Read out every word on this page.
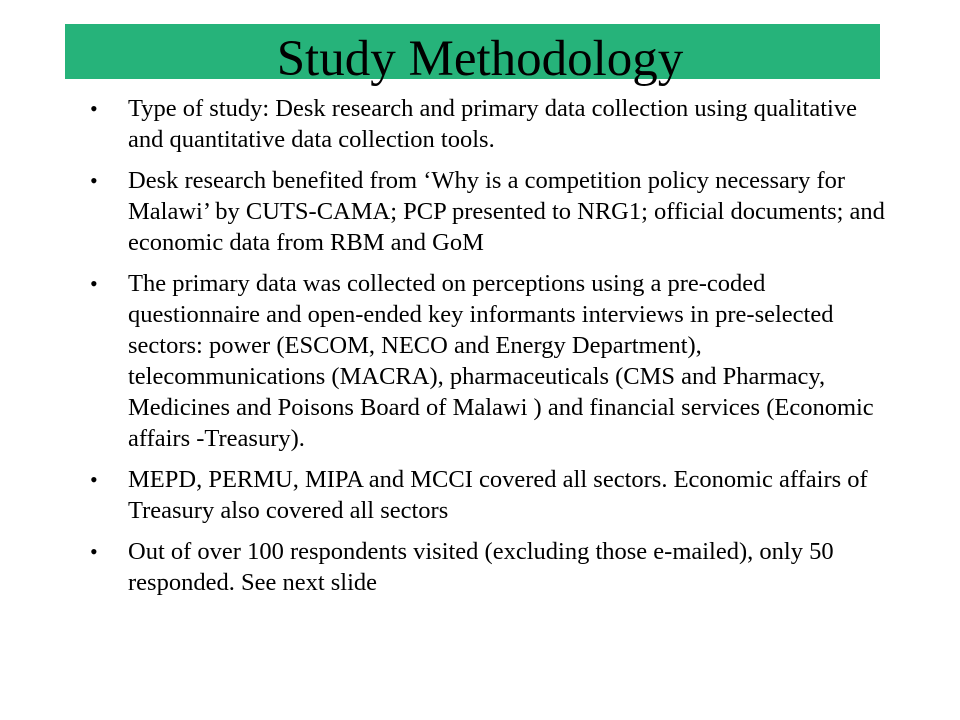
Study Methodology
•	Type of study: Desk research and primary data collection using qualitative and quantitative data collection tools.
•	Desk research benefited from ‘Why is a competition policy necessary for Malawi’ by CUTS-CAMA; PCP presented to NRG1; official documents; and economic data from RBM and GoM
•	The primary data was collected on perceptions using a pre-coded questionnaire and open-ended key informants interviews in pre-selected sectors: power (ESCOM, NECO and Energy Department), telecommunications (MACRA), pharmaceuticals (CMS and Pharmacy, Medicines and Poisons Board of Malawi ) and financial services (Economic affairs -Treasury).
•	MEPD, PERMU, MIPA and MCCI covered all sectors. Economic affairs of Treasury also covered all sectors
•	Out of over 100 respondents visited (excluding those e-mailed), only 50 responded. See next slide
